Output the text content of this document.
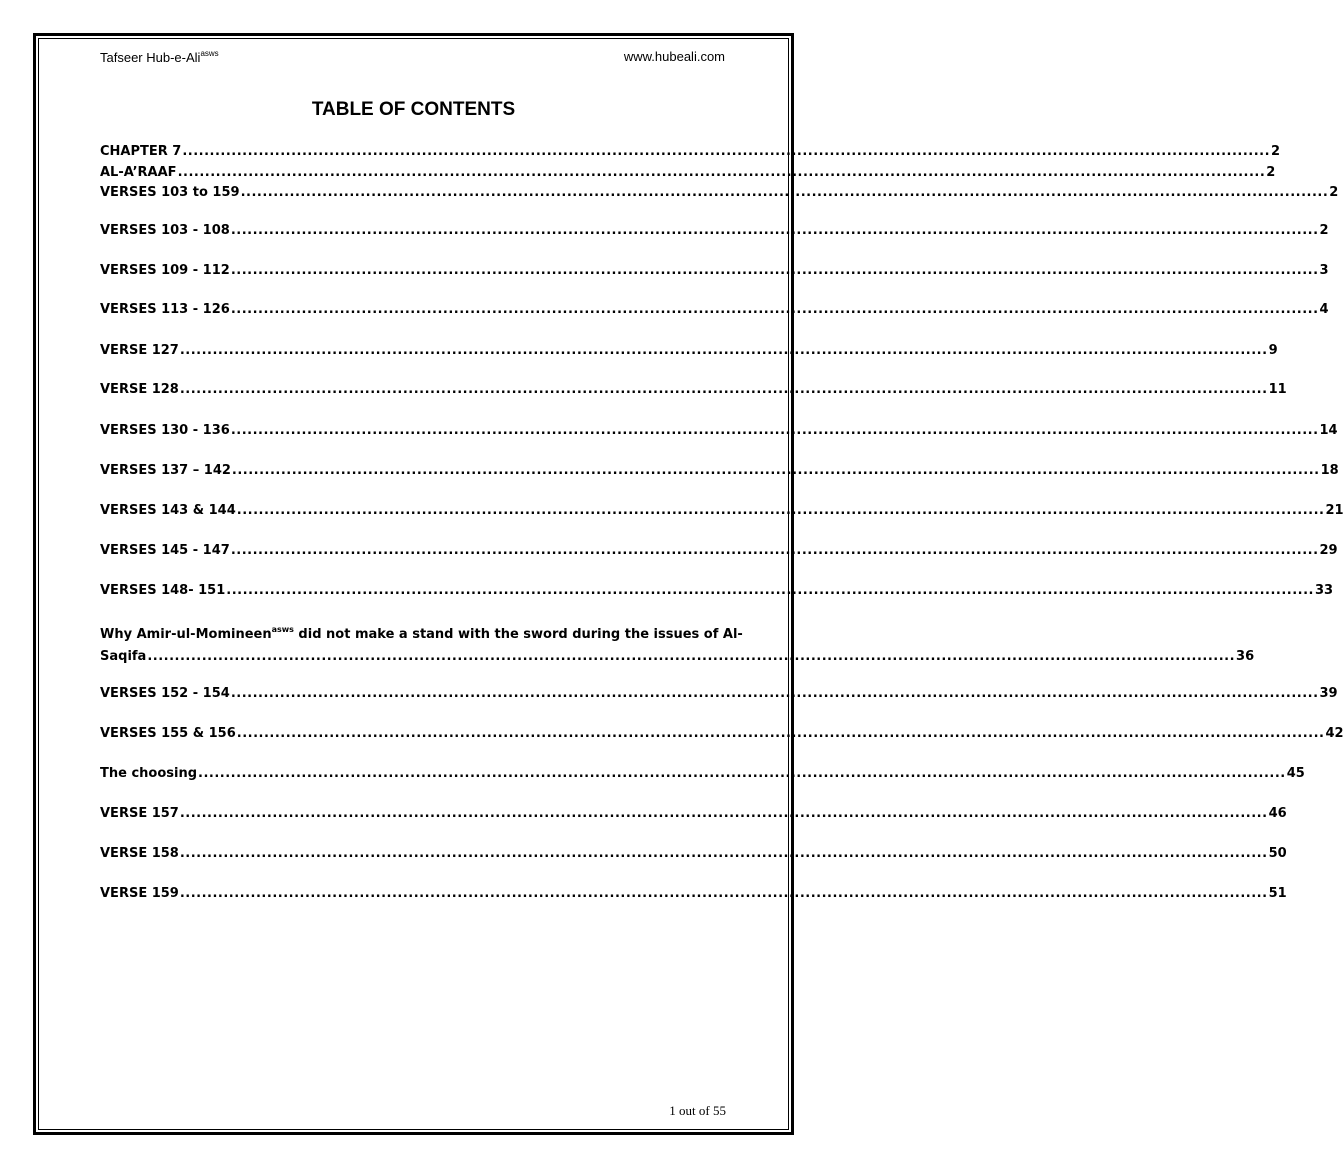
Tafseer Hub-e-Ali$^{asws}$	www.hubeali.com
TABLE OF CONTENTS
CHAPTER 7 ........................................................................................................................................................................................................ 2
AL-A’RAAF ........................................................................................................................................................................................................ 2
VERSES 103 to 159 ........................................................................................................................................................................................................ 2
VERSES 103 - 108 ........................................................................................................................................................................................................ 2
VERSES 109 - 112 ........................................................................................................................................................................................................ 3
VERSES 113 - 126 ........................................................................................................................................................................................................ 4
VERSE 127 ........................................................................................................................................................................................................ 9
VERSE 128 ........................................................................................................................................................................................................ 11
VERSES 130 - 136 ........................................................................................................................................................................................................ 14
VERSES 137 – 142 ........................................................................................................................................................................................................ 18
VERSES 143 & 144 ........................................................................................................................................................................................................ 21
VERSES 145 - 147 ........................................................................................................................................................................................................ 29
VERSES 148- 151 ........................................................................................................................................................................................................ 33
Why Amir-ul-Momineen$^{asws}$ did not make a stand with the sword during the issues of Al-
Saqifa ........................................................................................................................................................................................................ 36
VERSES 152 - 154 ........................................................................................................................................................................................................ 39
VERSES 155 & 156 ........................................................................................................................................................................................................ 42
The choosing ........................................................................................................................................................................................................ 45
VERSE 157 ........................................................................................................................................................................................................ 46
VERSE 158 ........................................................................................................................................................................................................ 50
VERSE 159 ........................................................................................................................................................................................................ 51
1 out of 55
